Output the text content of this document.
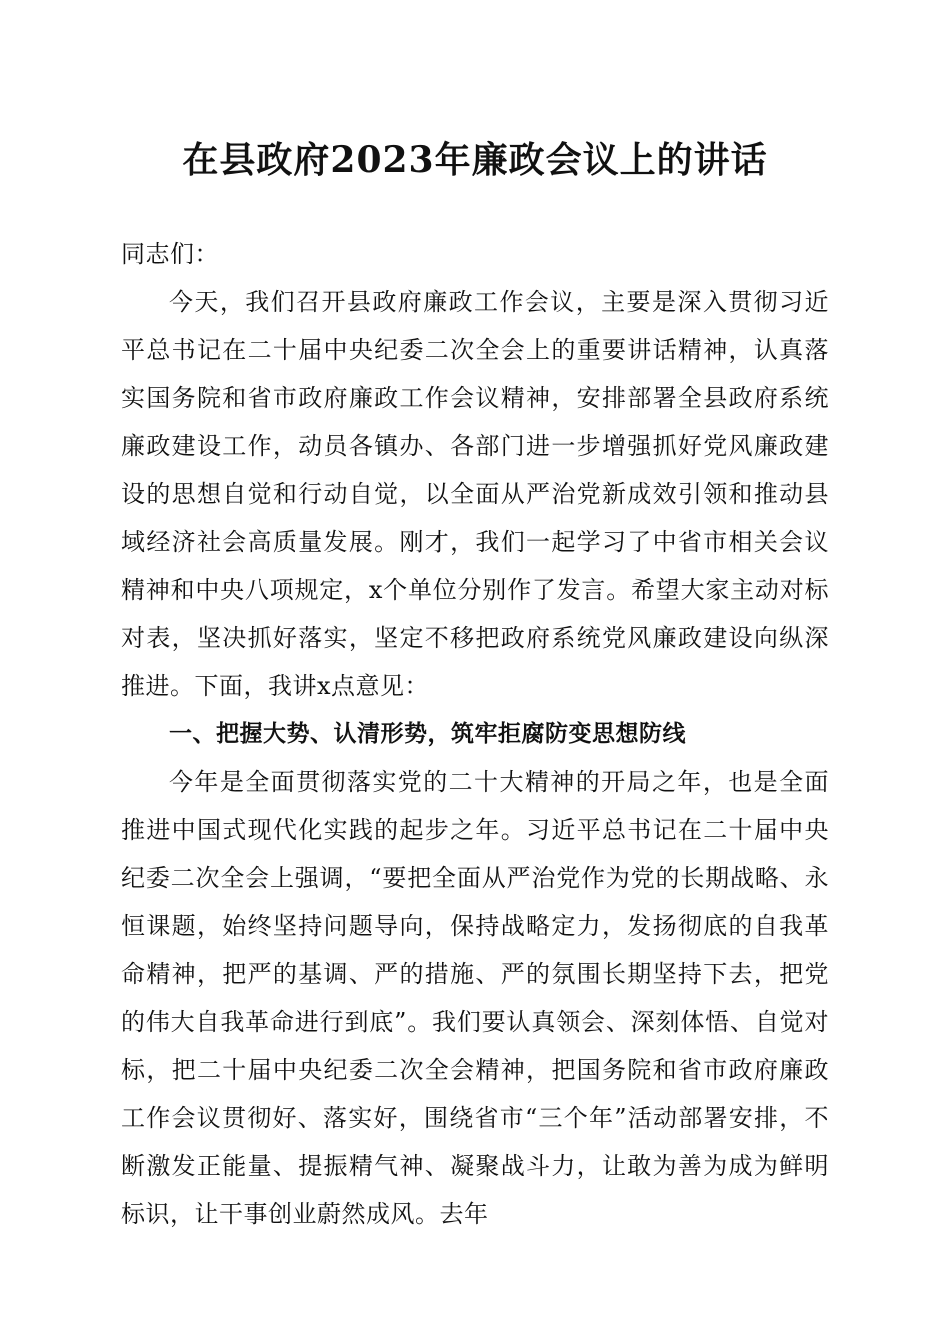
在县政府2023年廉政会议上的讲话

同志们：

今天，我们召开县政府廉政工作会议，主要是深入贯彻习近平总书记在二十届中央纪委二次全会上的重要讲话精神，认真落实国务院和省市政府廉政工作会议精神，安排部署全县政府系统廉政建设工作，动员各镇办、各部门进一步增强抓好党风廉政建设的思想自觉和行动自觉，以全面从严治党新成效引领和推动县域经济社会高质量发展。刚才，我们一起学习了中省市相关会议精神和中央八项规定，x个单位分别作了发言。希望大家主动对标对表，坚决抓好落实，坚定不移把政府系统党风廉政建设向纵深推进。下面，我讲x点意见：

一、把握大势、认清形势，筑牢拒腐防变思想防线

今年是全面贯彻落实党的二十大精神的开局之年，也是全面推进中国式现代化实践的起步之年。习近平总书记在二十届中央纪委二次全会上强调，“要把全面从严治党作为党的长期战略、永恒课题，始终坚持问题导向，保持战略定力，发扬彻底的自我革命精神，把严的基调、严的措施、严的氛围长期坚持下去，把党的伟大自我革命进行到底”。我们要认真领会、深刻体悟、自觉对标，把二十届中央纪委二次全会精神，把国务院和省市政府廉政工作会议贯彻好、落实好，围绕省市“三个年”活动部署安排，不断激发正能量、提振精气神、凝聚战斗力，让敢为善为成为鲜明标识，让干事创业蔚然成风。去年
